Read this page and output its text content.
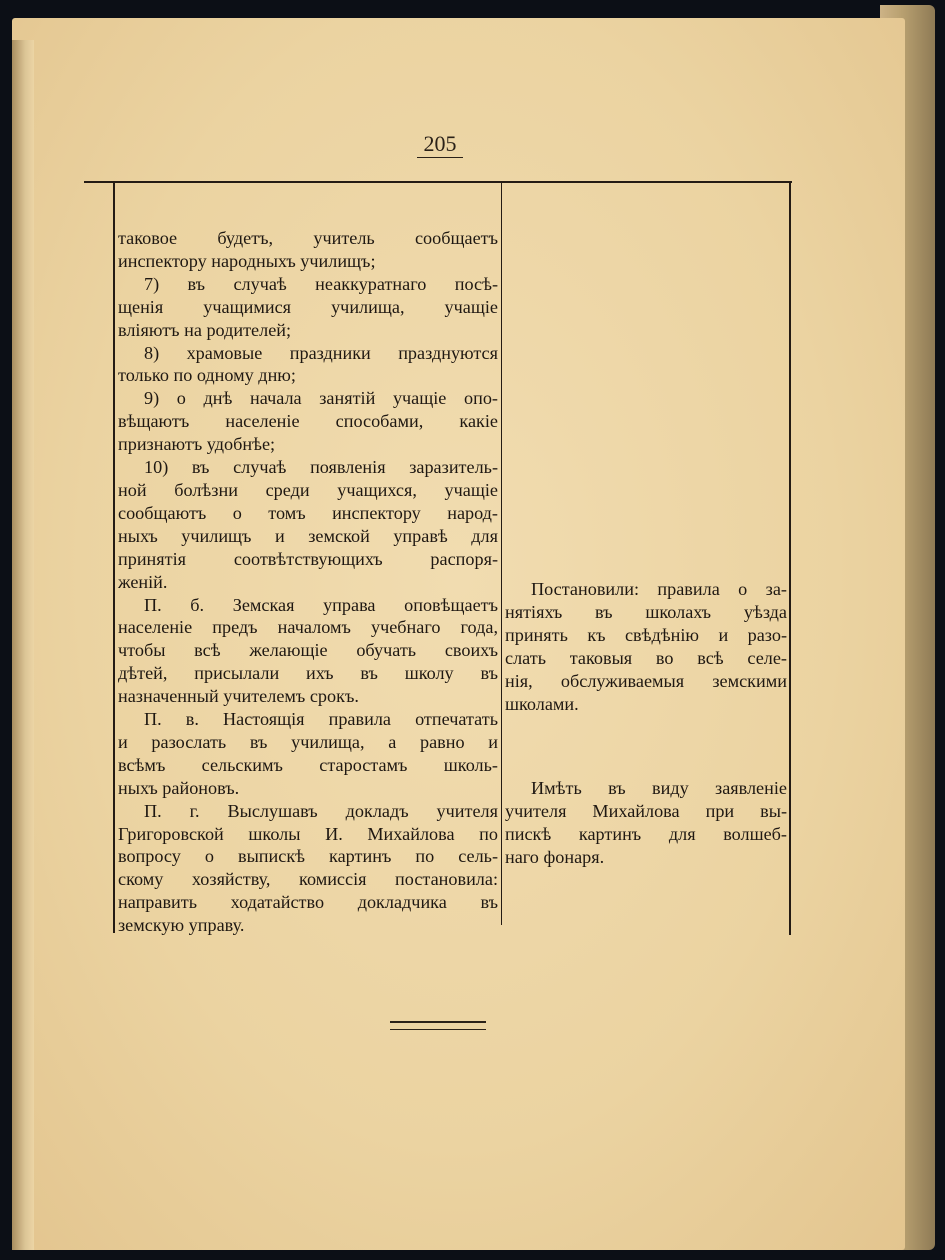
205
таковое будетъ, учитель сообщаетъ
инспектору народныхъ училищъ;
7) въ случаѣ неаккуратнаго посѣ-
щенія учащимися училища, учащіе
вліяютъ на родителей;
8) храмовые праздники празднуются
только по одному дню;
9) о днѣ начала занятій учащіе опо-
вѣщаютъ населеніе способами, какіе
признаютъ удобнѣе;
10) въ случаѣ появленія заразитель-
ной болѣзни среди учащихся, учащіе
сообщаютъ о томъ инспектору народ-
ныхъ училищъ и земской управѣ для
принятія соотвѣтствующихъ распоря-
женій.
П. б. Земская управа оповѣщаетъ
населеніе предъ началомъ учебнаго года,
чтобы всѣ желающіе обучать своихъ
дѣтей, присылали ихъ въ школу въ
назначенный учителемъ срокъ.
П. в. Настоящія правила отпечатать
и разослать въ училища, а равно и
всѣмъ сельскимъ старостамъ школь-
ныхъ районовъ.
П. г. Выслушавъ докладъ учителя
Григоровской школы И. Михайлова по
вопросу о выпискѣ картинъ по сель-
скому хозяйству, комиссія постановила:
направить ходатайство докладчика въ
земскую управу.
Постановили: правила о за-
нятіяхъ въ школахъ уѣзда
принять къ свѣдѣнію и разо-
слать таковыя во всѣ селе-
нія, обслуживаемыя земскими
школами.
Имѣть въ виду заявленіе
учителя Михайлова при вы-
пискѣ картинъ для волшеб-
наго фонаря.
